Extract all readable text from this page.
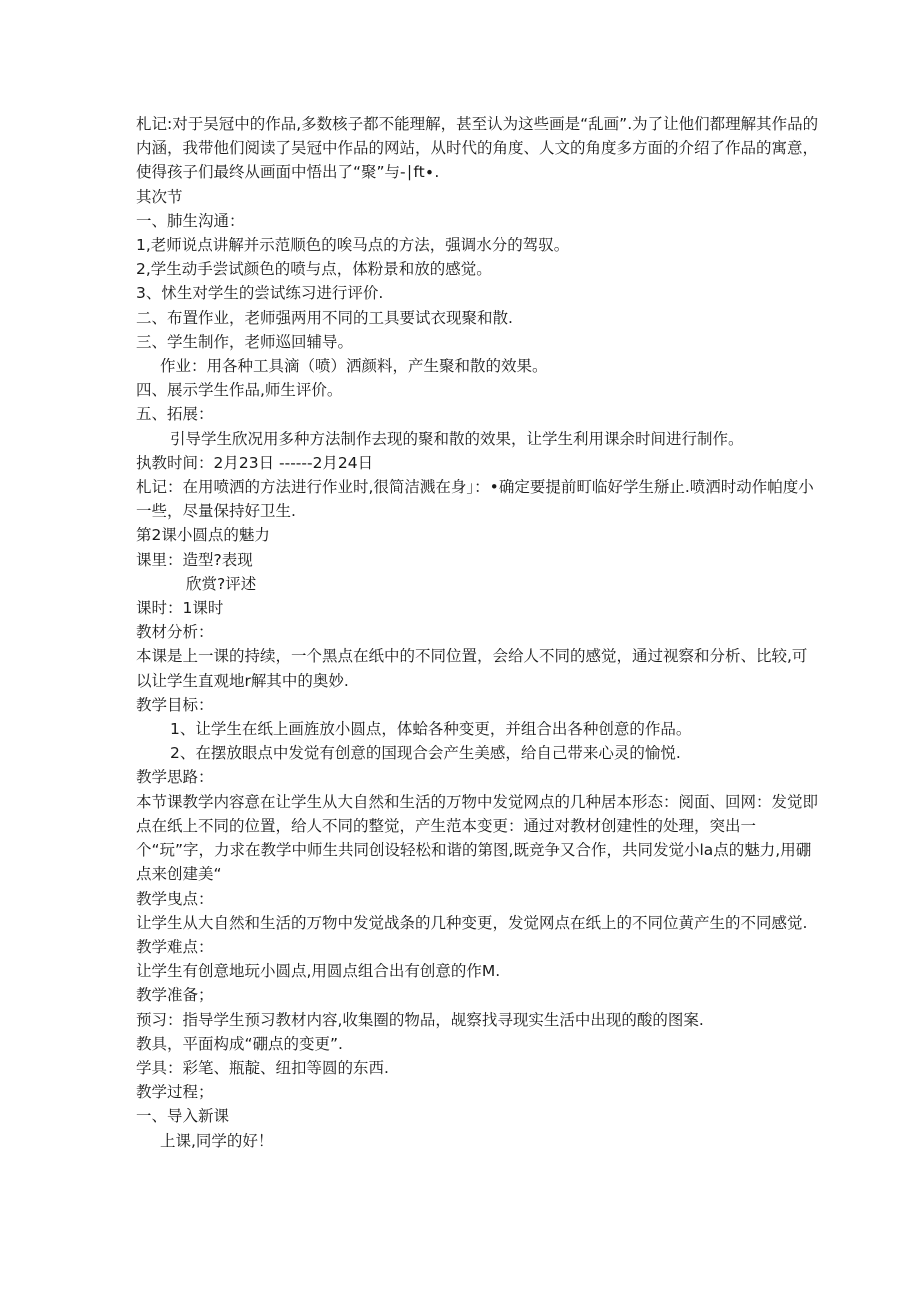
札记:对于吴冠中的作品,多数核子都不能理解，甚至认为这些画是“乱画”.为了让他们都理解其作品的内涵，我带他们阅读了吴冠中作品的网站，从时代的角度、人文的角度多方面的介绍了作品的寓意，使得孩子们最终从画面中悟出了“聚”与-∣ft∙.

其次节

一、肺生沟通：

1,老师说点讲解并示范顺色的唉马点的方法，强调水分的驾驭。

2,学生动手尝试颜色的喷与点，体粉景和放的感觉。

3、怵生对学生的尝试练习进行评价.

二、布置作业，老师强两用不同的工具要试衣现聚和散.

三、学生制作，老师巡回辅导。

作业：用各种工具滴（喷）洒颜料，产生聚和散的效果。

四、展示学生作品,师生评价。

五、拓展：

引导学生欣况用多种方法制作去现的聚和散的效果，让学生利用课余时间进行制作。

执教时间：2月23日 ------2月24日

札记：在用喷洒的方法进行作业时,很简洁溅在身」：•确定要提前町临好学生掰止.喷洒时动作帕度小一些，尽量保持好卫生.

第2课小圆点的魅力

课里：造型?表现

欣赏?评述

课时：1课时

教材分析：

本课是上一课的持续，一个黑点在纸中的不同位置，会给人不同的感觉，通过视察和分析、比较,可以让学生直观地r解其中的奥妙.

教学目标：

1、让学生在纸上画旌放小圆点，体蛤各种变更，并组合出各种创意的作品。

2、在摆放眼点中发觉有创意的国现合会产生美感，给自己带来心灵的愉悦.

教学思路：

本节课教学内容意在让学生从大自然和生活的万物中发觉网点的几种居本形态：阅面、回网：发觉即点在纸上不同的位置，给人不同的整觉，产生范本变更：通过对教材创建性的处理，突出一个“玩”字，力求在教学中师生共同创设轻松和谐的第图,既竞争又合作，共同发觉小la点的魅力,用硼点来创建美“

教学曳点：

让学生从大自然和生活的万物中发觉战条的几种变更，发觉网点在纸上的不同位黄产生的不同感觉.

教学难点：

让学生有创意地玩小圆点,用圆点组合出有创意的作M.

教学准备；

预习：指导学生预习教材内容,收集圈的物品，觇察找寻现实生活中出现的酸的图案.

教具，平面构成“硼点的变更”.

学具：彩笔、瓶靛、纽扣等圆的东西.

教学过程；

一、导入新课

上课,同学的好！
